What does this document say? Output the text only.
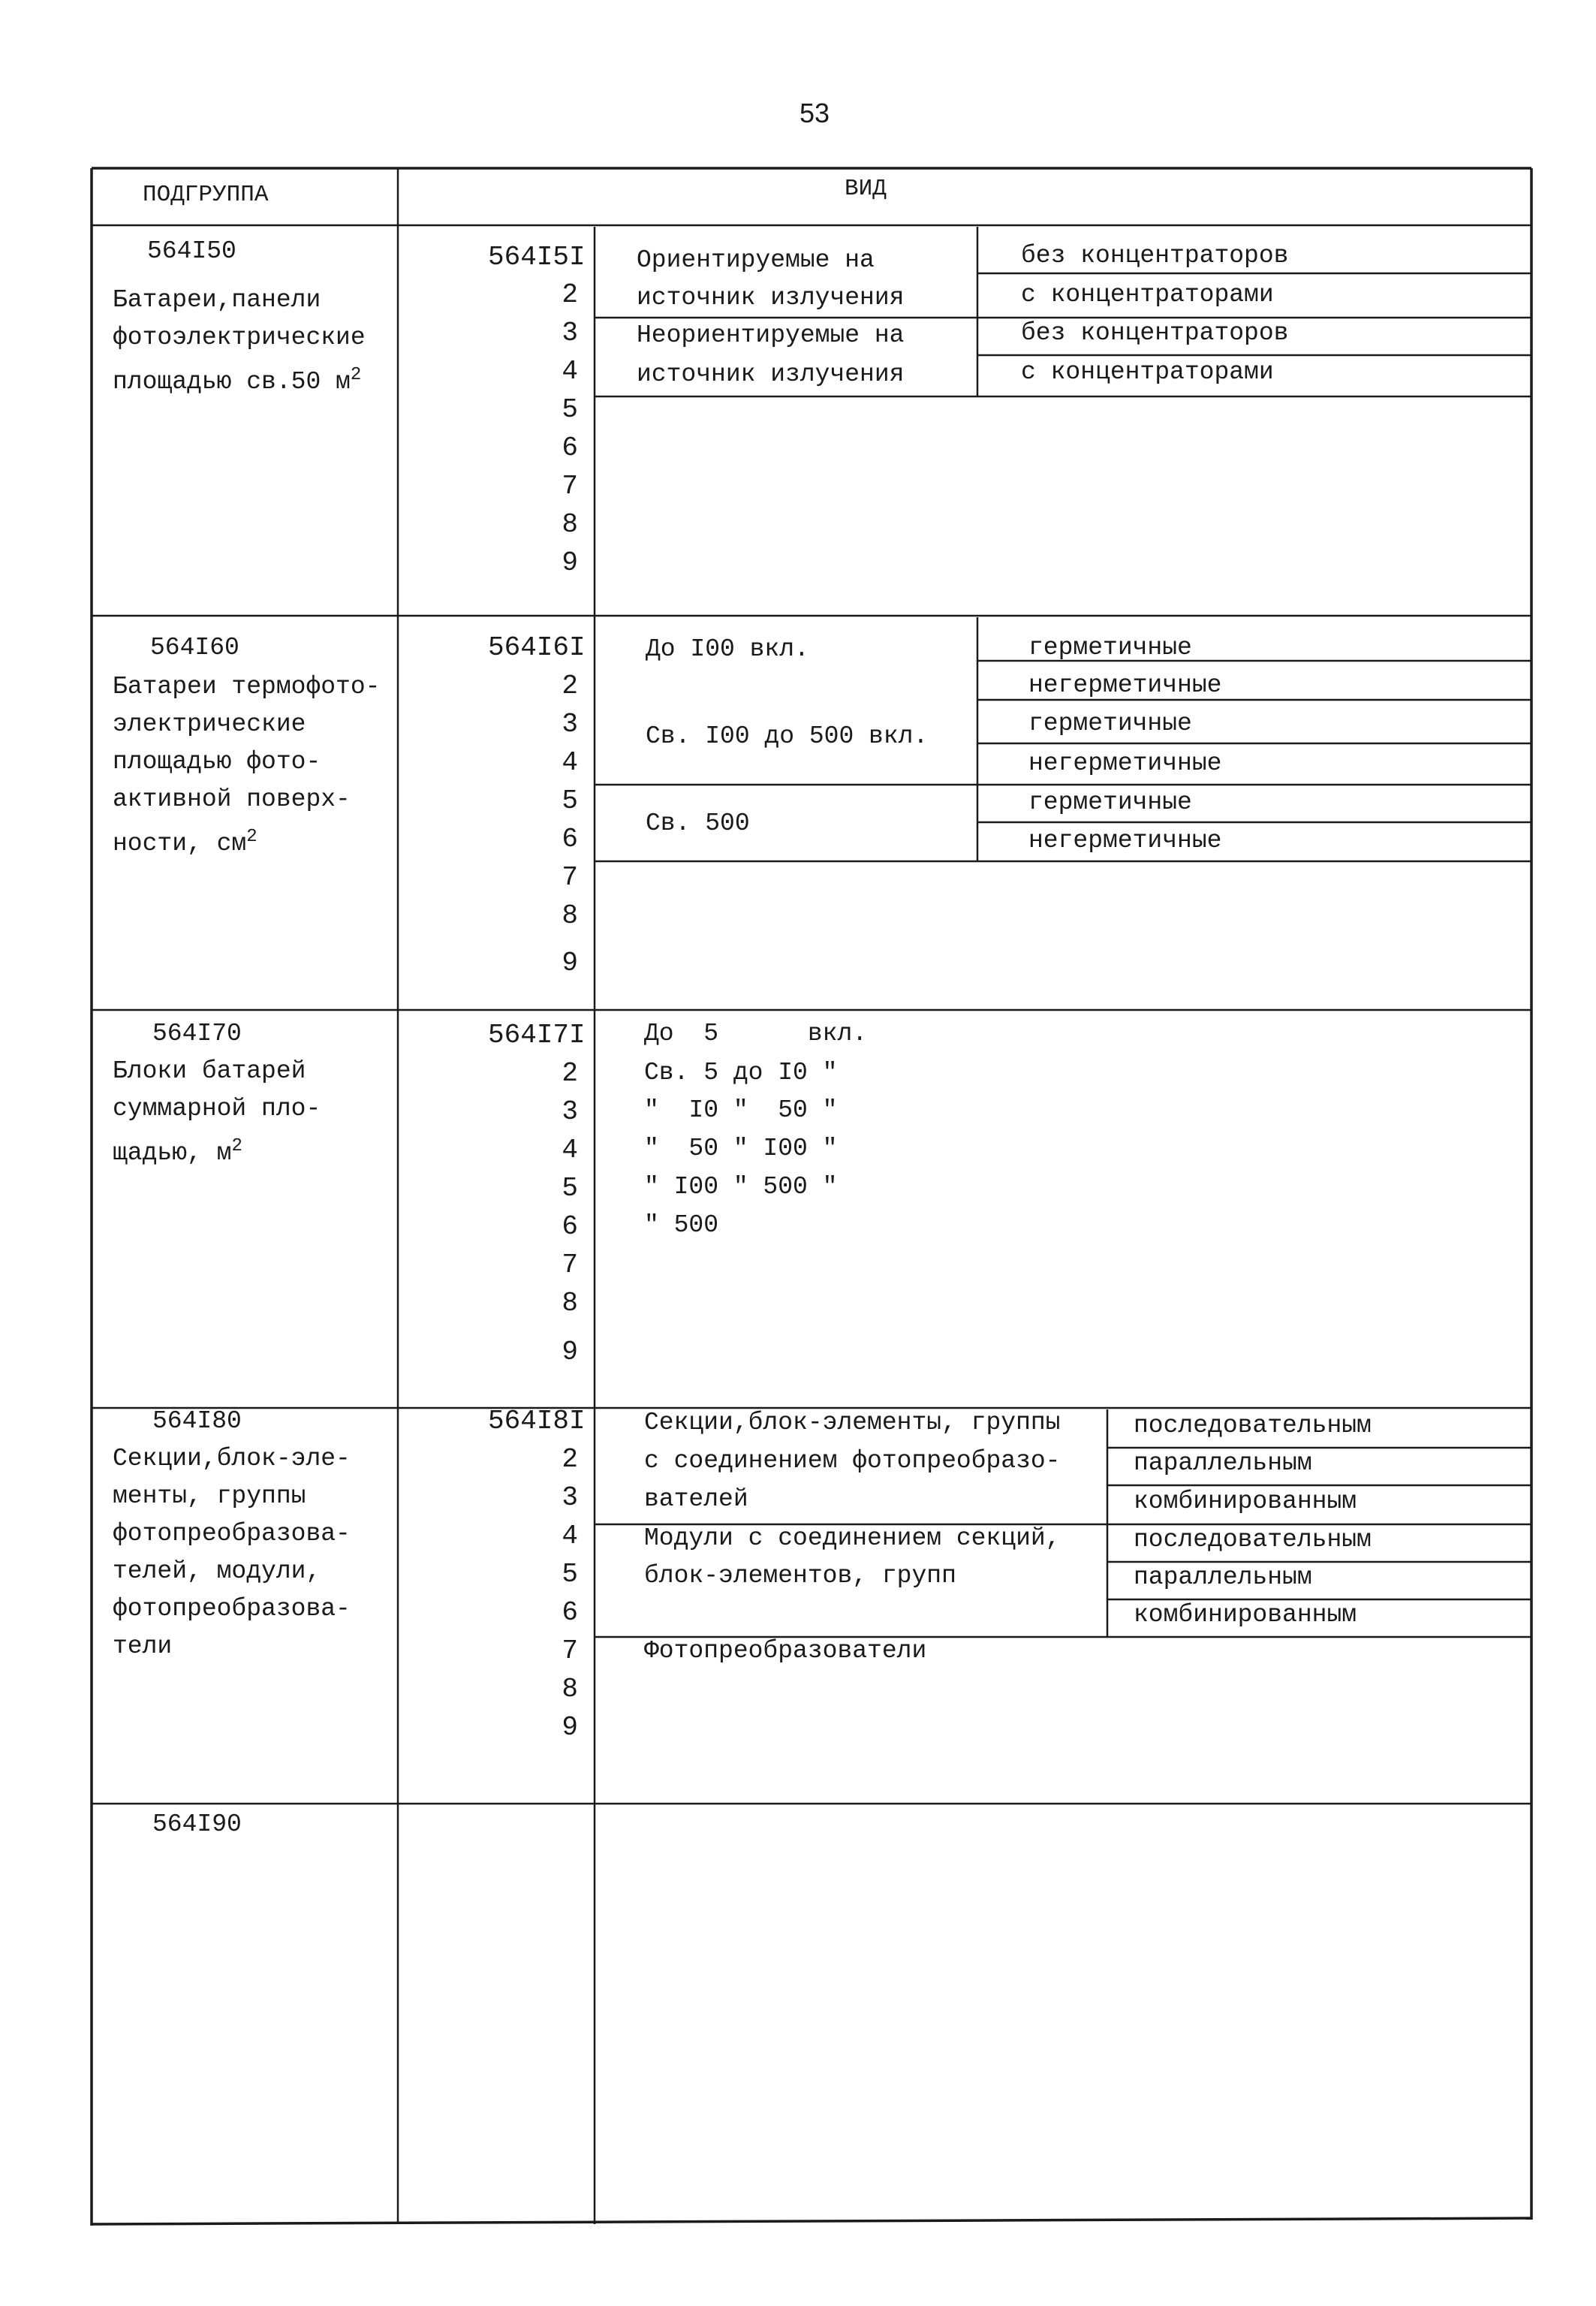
53
ПОДГРУППА	ВИД
564I50
Батареи,панели
фотоэлектрические
площадью св.50 $м^2$
564I5I
2
3
4
5
6
7
8
9
Ориентируемые на
источник излучения
Неориентируемые на
источник излучения
без концентраторов
с концентраторами
без концентраторов
с концентраторами
564I60
Батареи термофото-
электрические
площадью фото-
активной поверх-
ности, $см^2$
564I6I
2
3
4
5
6
7
8
9
До I00 вкл.
Св. I00 до 500 вкл.
Св. 500
герметичные
негерметичные
герметичные
негерметичные
герметичные
негерметичные
564I70
Блоки батарей
суммарной пло-
щадью, $м^2$
564I7I
2
3
4
5
6
7
8
9
До  5      вкл.
Св. 5 до I0 "
"  I0 "  50 "
"  50 " I00 "
" I00 " 500 "
" 500
564I80
Секции,блок-эле-
менты, группы
фотопреобразова-
телей, модули,
фотопреобразова-
тели
564I8I
2
3
4
5
6
7
8
9
Секции,блок-элементы, группы
с соединением фотопреобразо-
вателей
Модули с соединением секций,
блок-элементов, групп
последовательным
параллельным
комбинированным
последовательным
параллельным
комбинированным
Фотопреобразователи
564I90
